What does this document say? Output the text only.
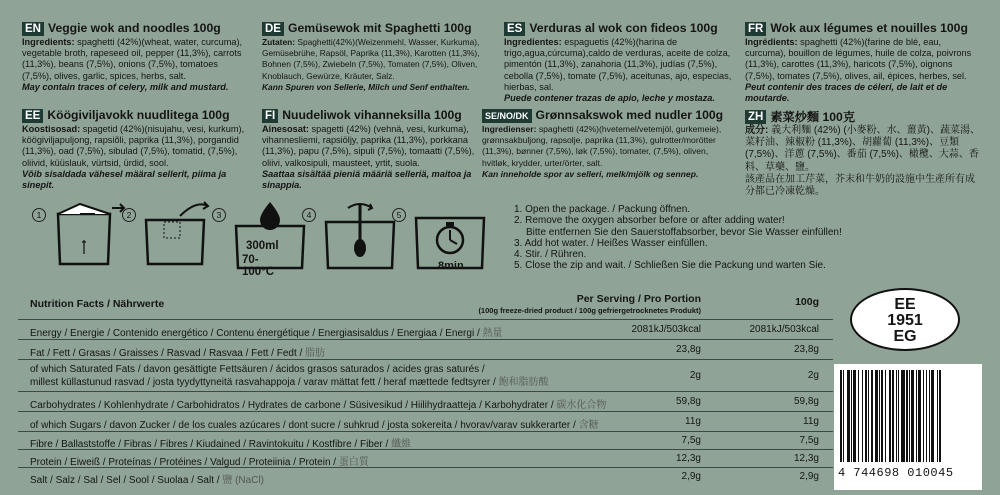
EN Veggie wok and noodles 100g
Ingredients: spaghetti (42%)(wheat, water, curcuma), vegetable broth, rapeseed oil, pepper (11,3%), carrots (11,3%), beans (7,5%), onions (7,5%), tomatoes (7,5%), olives, garlic, spices, herbs, salt.
May contain traces of celery, milk and mustard.
DE Gemüsewok mit Spaghetti 100g
Zutaten: Spaghetti(42%)(Weizenmehl, Wasser, Kurkuma), Gemüsebrühe, Rapsöl, Paprika (11,3%), Karotten (11,3%), Bohnen (7,5%), Zwiebeln (7,5%), Tomaten (7,5%), Oliven, Knoblauch, Gewürze, Kräuter, Salz.
Kann Spuren von Sellerie, Milch und Senf enthalten.
ES Verduras al wok con fideos 100g
Ingredientes: espaguetis (42%)(harina de trigo,agua,cúrcuma),caldo de verduras, aceite de colza, pimentón (11,3%), zanahoria (11,3%), judías (7,5%), cebolla (7,5%), tomate (7,5%), aceitunas, ajo, especias, hierbas, sal.
Puede contener trazas de apio, leche y mostaza.
FR Wok aux légumes et nouilles 100g
Ingrédients: spaghetti (42%)(farine de blé, eau, curcuma), bouillon de légumes, huile de colza, poivrons (11,3%), carottes (11,3%), haricots (7,5%), oignons (7,5%), tomates (7,5%), olives, ail, épices, herbes, sel.
Peut contenir des traces de céleri, de lait et de moutarde.
EE Köögiviljavokk nuudlitega 100g
Koostisosad: spagetid (42%)(nisujahu, vesi, kurkum), köögiviljapuljong, rapsiõli, paprika (11,3%), porgandid (11,3%), oad (7,5%), sibulad (7,5%), tomatid, (7,5%), oliivid, küüslauk, vürtsid, ürdid, sool.
Võib sisaldada vähesel määral sellerit, piima ja sinepit.
FI Nuudeliwok vihanneksilla 100g
Ainesosat: spagetti (42%) (vehnä, vesi, kurkuma), vihannesliemi, rapsiöljy, paprika (11,3%), porkkana (11,3%), papu (7,5%), sipuli (7,5%), tomaatti (7,5%), oliivi, valkosipuli, mausteet, yrtit, suola.
Saattaa sisältää pieniä määriä selleriä, maitoa ja sinappia.
SE/NO/DK Grønnsakswok med nudler 100g
Ingredienser: spaghetti (42%)(hvetemel/vetemjöl, gurkemeie), grønnsakbuljong, rapsolje, paprika (11,3%), gulrotter/morötter (11,3%), bønner (7,5%), løk (7,5%), tomater, (7,5%), oliven, hvitløk, krydder, urter/örter, salt.
Kan inneholde spor av selleri, melk/mjölk og sennep.
ZH 素菜炒麵 100克
成分: 義大利麵 (42%) (小麥粉、水、薑黃)、蔬菜湯、菜籽油、辣椒粉 (11,3%)、胡蘿蔔 (11,3%)、豆類 (7,5%)、洋蔥 (7,5%)、番茄 (7,5%)、橄欖、大蒜、香料、草藥、鹽。
該產品在加工芹菜，芥末和牛奶的設施中生產所有成分都已冷凍乾燥。
1	2	3
300ml
70-100°C
4	5
8min
1. Open the package. / Packung öffnen.
2. Remove the oxygen absorber before or after adding water!
Bitte entfernen Sie den Sauerstoffabsorber, bevor Sie Wasser einfüllen!
3. Add hot water. / Heißes Wasser einfüllen.
4. Stir. / Rühren.
5. Close the zip and wait. / Schließen Sie die Packung und warten Sie.
Nutrition Facts / Nährwerte	Per Serving / Pro Portion
(100g freeze-dried product / 100g gefriergetrocknetes Produkt)
100g
Energy / Energie / Contenido energético / Contenu énergétique / Energiasisaldus / Energiaa / Energi / 熱量	2081kJ/503kcal	2081kJ/503kcal
Fat / Fett / Grasas / Graisses / Rasvad / Rasvaa / Fett / Fedt / 脂肪	23,8g	23,8g
of which Saturated Fats / davon gesättigte Fettsäuren / ácidos grasos saturados / acides gras saturés /
millest küllastunud rasvad / josta tyydyttyneitä rasvahappoja / varav mättat fett / heraf mættede fedtsyrer / 飽和脂肪酸
2g	2g
Carbohydrates / Kohlenhydrate / Carbohidratos / Hydrates de carbone / Süsivesikud / Hiilihydraatteja / Karbohydrater / 碳水化合物	59,8g	59,8g
of which Sugars / davon Zucker / de los cuales azúcares / dont sucre / suhkrud / josta sokereita / hvorav/varav sukkerarter / 含糖	11g	11g
Fibre / Ballaststoffe / Fibras / Fibres / Kiudained / Ravintokuitu / Kostfibre / Fiber / 纖維	7,5g	7,5g
Protein / Eiweiß / Proteínas / Protéines / Valgud / Proteiinia / Protein / 蛋白質	12,3g	12,3g
Salt / Salz / Sal / Sel / Sool / Suolaa / Salt / 鹽 (NaCl)	2,9g	2,9g
EE
1951
EG
4 744698 010045
